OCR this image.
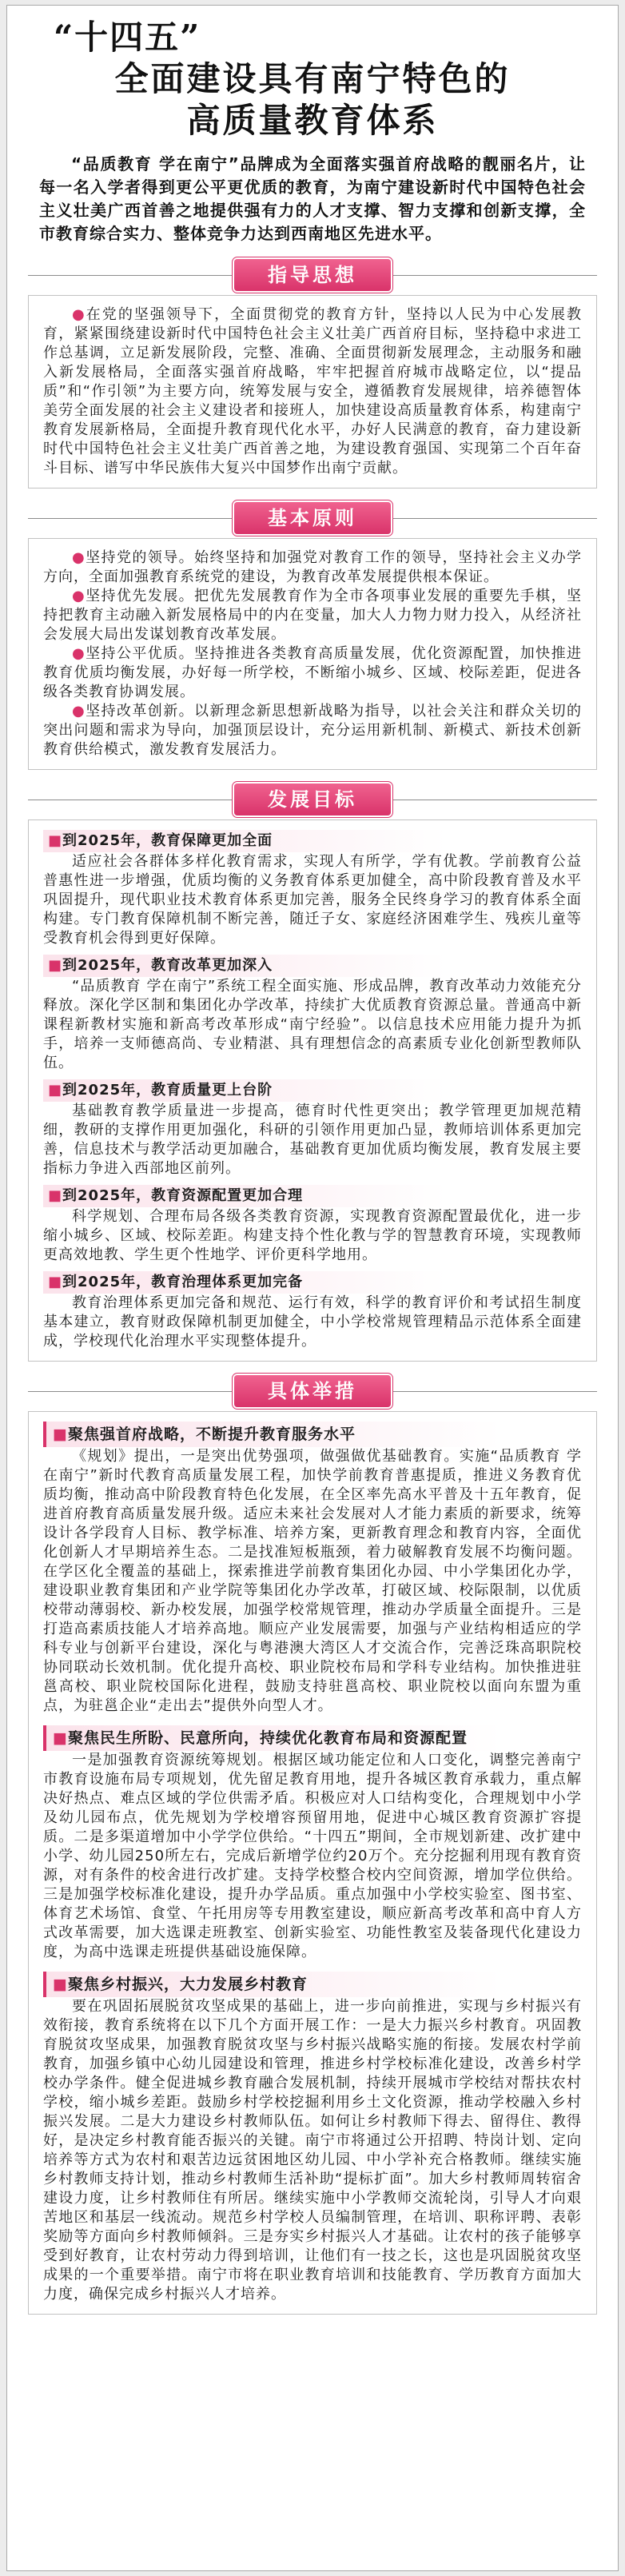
“十四五”
全面建设具有南宁特色的
高质量教育体系

“品质教育 学在南宁”品牌成为全面落实强首府战略的靓丽名片，让每一名入学者得到更公平更优质的教育，为南宁建设新时代中国特色社会主义壮美广西首善之地提供强有力的人才支撑、智力支撑和创新支撑，全市教育综合实力、整体竞争力达到西南地区先进水平。

指导思想

●在党的坚强领导下，全面贯彻党的教育方针，坚持以人民为中心发展教育，紧紧围绕建设新时代中国特色社会主义壮美广西首府目标，坚持稳中求进工作总基调，立足新发展阶段，完整、准确、全面贯彻新发展理念，主动服务和融入新发展格局，全面落实强首府战略，牢牢把握首府城市战略定位，以“提品质”和“作引领”为主要方向，统筹发展与安全，遵循教育发展规律，培养德智体美劳全面发展的社会主义建设者和接班人，加快建设高质量教育体系，构建南宁教育发展新格局，全面提升教育现代化水平，办好人民满意的教育，奋力建设新时代中国特色社会主义壮美广西首善之地，为建设教育强国、实现第二个百年奋斗目标、谱写中华民族伟大复兴中国梦作出南宁贡献。

基本原则

●坚持党的领导。始终坚持和加强党对教育工作的领导，坚持社会主义办学方向，全面加强教育系统党的建设，为教育改革发展提供根本保证。

●坚持优先发展。把优先发展教育作为全市各项事业发展的重要先手棋，坚持把教育主动融入新发展格局中的内在变量，加大人力物力财力投入，从经济社会发展大局出发谋划教育改革发展。

●坚持公平优质。坚持推进各类教育高质量发展，优化资源配置，加快推进教育优质均衡发展，办好每一所学校，不断缩小城乡、区域、校际差距，促进各级各类教育协调发展。

●坚持改革创新。以新理念新思想新战略为指导，以社会关注和群众关切的突出问题和需求为导向，加强顶层设计，充分运用新机制、新模式、新技术创新教育供给模式，激发教育发展活力。

发展目标
■到2025年，教育保障更加全面

适应社会各群体多样化教育需求，实现人有所学，学有优教。学前教育公益普惠性进一步增强，优质均衡的义务教育体系更加健全，高中阶段教育普及水平巩固提升，现代职业技术教育体系更加完善，服务全民终身学习的教育体系全面构建。专门教育保障机制不断完善，随迁子女、家庭经济困难学生、残疾儿童等受教育机会得到更好保障。

■到2025年，教育改革更加深入

“品质教育 学在南宁”系统工程全面实施、形成品牌，教育改革动力效能充分释放。深化学区制和集团化办学改革，持续扩大优质教育资源总量。普通高中新课程新教材实施和新高考改革形成“南宁经验”。以信息技术应用能力提升为抓手，培养一支师德高尚、专业精湛、具有理想信念的高素质专业化创新型教师队伍。

■到2025年，教育质量更上台阶

基础教育教学质量进一步提高，德育时代性更突出；教学管理更加规范精细，教研的支撑作用更加强化，科研的引领作用更加凸显，教师培训体系更加完善，信息技术与教学活动更加融合，基础教育更加优质均衡发展，教育发展主要指标力争进入西部地区前列。

■到2025年，教育资源配置更加合理

科学规划、合理布局各级各类教育资源，实现教育资源配置最优化，进一步缩小城乡、区域、校际差距。构建支持个性化教与学的智慧教育环境，实现教师更高效地教、学生更个性地学、评价更科学地用。

■到2025年，教育治理体系更加完备

教育治理体系更加完备和规范、运行有效，科学的教育评价和考试招生制度基本建立，教育财政保障机制更加健全，中小学校常规管理精品示范体系全面建成，学校现代化治理水平实现整体提升。

具体举措
■聚焦强首府战略，不断提升教育服务水平

《规划》提出，一是突出优势强项，做强做优基础教育。实施“品质教育 学在南宁”新时代教育高质量发展工程，加快学前教育普惠提质，推进义务教育优质均衡，推动高中阶段教育特色化发展，在全区率先高水平普及十五年教育，促进首府教育高质量发展升级。适应未来社会发展对人才能力素质的新要求，统筹设计各学段育人目标、教学标准、培养方案，更新教育理念和教育内容，全面优化创新人才早期培养生态。二是找准短板瓶颈，着力破解教育发展不均衡问题。在学区化全覆盖的基础上，探索推进学前教育集团化办园、中小学集团化办学，建设职业教育集团和产业学院等集团化办学改革，打破区域、校际限制，以优质校带动薄弱校、新办校发展，加强学校常规管理，推动办学质量全面提升。三是打造高素质技能人才培养高地。顺应产业发展需要，加强与产业结构相适应的学科专业与创新平台建设，深化与粤港澳大湾区人才交流合作，完善泛珠高职院校协同联动长效机制。优化提升高校、职业院校布局和学科专业结构。加快推进驻邕高校、职业院校国际化进程，鼓励支持驻邕高校、职业院校以面向东盟为重点，为驻邕企业“走出去”提供外向型人才。

■聚焦民生所盼、民意所向，持续优化教育布局和资源配置

一是加强教育资源统筹规划。根据区域功能定位和人口变化，调整完善南宁市教育设施布局专项规划，优先留足教育用地，提升各城区教育承载力，重点解决好热点、难点区域的学位供需矛盾。积极应对人口结构变化，合理规划中小学及幼儿园布点，优先规划为学校增容预留用地，促进中心城区教育资源扩容提质。二是多渠道增加中小学学位供给。“十四五”期间，全市规划新建、改扩建中小学、幼儿园250所左右，完成后新增学位约20万个。充分挖掘利用现有教育资源，对有条件的校舍进行改扩建。支持学校整合校内空间资源，增加学位供给。三是加强学校标准化建设，提升办学品质。重点加强中小学校实验室、图书室、体育艺术场馆、食堂、午托用房等专用教室建设，顺应新高考改革和高中育人方式改革需要，加大选课走班教室、创新实验室、功能性教室及装备现代化建设力度，为高中选课走班提供基础设施保障。

■聚焦乡村振兴，大力发展乡村教育

要在巩固拓展脱贫攻坚成果的基础上，进一步向前推进，实现与乡村振兴有效衔接，教育系统将在以下几个方面开展工作：一是大力振兴乡村教育。巩固教育脱贫攻坚成果，加强教育脱贫攻坚与乡村振兴战略实施的衔接。发展农村学前教育，加强乡镇中心幼儿园建设和管理，推进乡村学校标准化建设，改善乡村学校办学条件。健全促进城乡教育融合发展机制，持续开展城市学校结对帮扶农村学校，缩小城乡差距。鼓励乡村学校挖掘利用乡土文化资源，推动学校融入乡村振兴发展。二是大力建设乡村教师队伍。如何让乡村教师下得去、留得住、教得好，是决定乡村教育能否振兴的关键。南宁市将通过公开招聘、特岗计划、定向培养等方式为农村和艰苦边远贫困地区幼儿园、中小学补充合格教师。继续实施乡村教师支持计划，推动乡村教师生活补助“提标扩面”。加大乡村教师周转宿舍建设力度，让乡村教师住有所居。继续实施中小学教师交流轮岗，引导人才向艰苦地区和基层一线流动。规范乡村学校人员编制管理，在培训、职称评聘、表彰奖励等方面向乡村教师倾斜。三是夯实乡村振兴人才基础。让农村的孩子能够享受到好教育，让农村劳动力得到培训，让他们有一技之长，这也是巩固脱贫攻坚成果的一个重要举措。南宁市将在职业教育培训和技能教育、学历教育方面加大力度，确保完成乡村振兴人才培养。
